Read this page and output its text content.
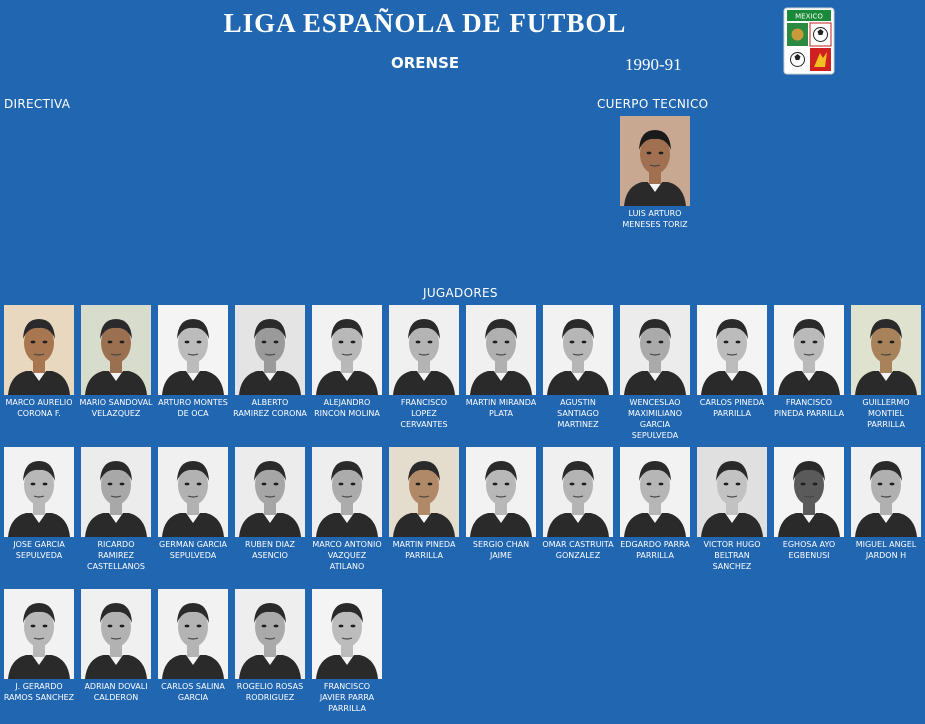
LIGA ESPAÑOLA DE FUTBOL
ORENSE	1990-91
MEXICO
DIRECTIVA	CUERPO TECNICO
JUGADORES
LUIS ARTURO MENESES TORIZ
MARCO AURELIO CORONA F.
MARIO SANDOVAL VELAZQUEZ
ARTURO MONTES DE OCA
ALBERTO RAMIREZ CORONA
ALEJANDRO RINCON MOLINA
FRANCISCO LOPEZ CERVANTES
MARTIN MIRANDA PLATA
AGUSTIN SANTIAGO MARTINEZ
WENCESLAO MAXIMILIANO GARCIA SEPULVEDA
CARLOS PINEDA PARRILLA
FRANCISCO PINEDA PARRILLA
GUILLERMO MONTIEL PARRILLA
JOSE GARCIA SEPULVEDA
RICARDO RAMIREZ CASTELLANOS
GERMAN GARCIA SEPULVEDA
RUBEN DIAZ ASENCIO
MARCO ANTONIO VAZQUEZ ATILANO
MARTIN PINEDA PARRILLA
SERGIO CHAN JAIME
OMAR CASTRUITA GONZALEZ
EDGARDO PARRA PARRILLA
VICTOR HUGO BELTRAN SANCHEZ
EGHOSA AYO EGBENUSI
MIGUEL ANGEL JARDON H
J. GERARDO RAMOS SANCHEZ
ADRIAN DOVALI CALDERON
CARLOS SALINA GARCIA
ROGELIO ROSAS RODRIGUEZ
FRANCISCO JAVIER PARRA PARRILLA
